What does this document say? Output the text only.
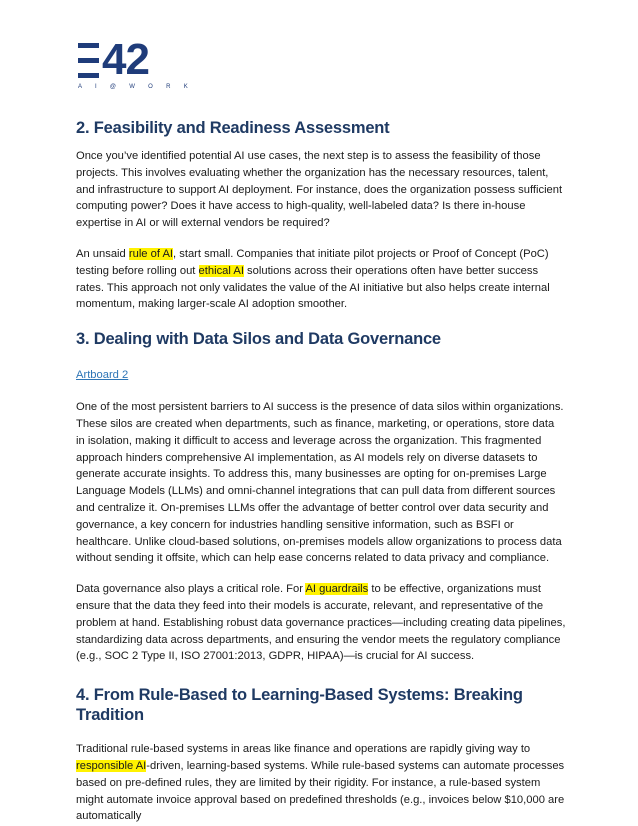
42
A I @ W O R K
2. Feasibility and Readiness Assessment

Once you’ve identified potential AI use cases, the next step is to assess the feasibility of those projects. This involves evaluating whether the organization has the necessary resources, talent, and infrastructure to support AI deployment. For instance, does the organization possess sufficient computing power? Does it have access to high-quality, well-labeled data? Is there in-house expertise in AI or will external vendors be required?

An unsaid rule of AI, start small. Companies that initiate pilot projects or Proof of Concept (PoC) testing before rolling out ethical AI solutions across their operations often have better success rates. This approach not only validates the value of the AI initiative but also helps create internal momentum, making larger-scale AI adoption smoother.

3. Dealing with Data Silos and Data Governance
Artboard 2

One of the most persistent barriers to AI success is the presence of data silos within organizations. These silos are created when departments, such as finance, marketing, or operations, store data in isolation, making it difficult to access and leverage across the organization. This fragmented approach hinders comprehensive AI implementation, as AI models rely on diverse datasets to generate accurate insights. To address this, many businesses are opting for on-premises Large Language Models (LLMs) and omni-channel integrations that can pull data from different sources and centralize it. On-premises LLMs offer the advantage of better control over data security and governance, a key concern for industries handling sensitive information, such as BSFI or healthcare. Unlike cloud-based solutions, on-premises models allow organizations to process data without sending it offsite, which can help ease concerns related to data privacy and compliance.

Data governance also plays a critical role. For AI guardrails to be effective, organizations must ensure that the data they feed into their models is accurate, relevant, and representative of the problem at hand. Establishing robust data governance practices—including creating data pipelines, standardizing data across departments, and ensuring the vendor meets the regulatory compliance (e.g., SOC 2 Type II, ISO 27001:2013, GDPR, HIPAA)—is crucial for AI success.

4. From Rule-Based to Learning-Based Systems: Breaking Tradition

Traditional rule-based systems in areas like finance and operations are rapidly giving way to responsible AI-driven, learning-based systems. While rule-based systems can automate processes based on pre-defined rules, they are limited by their rigidity. For instance, a rule-based system might automate invoice approval based on predefined thresholds (e.g., invoices below $10,000 are automatically
